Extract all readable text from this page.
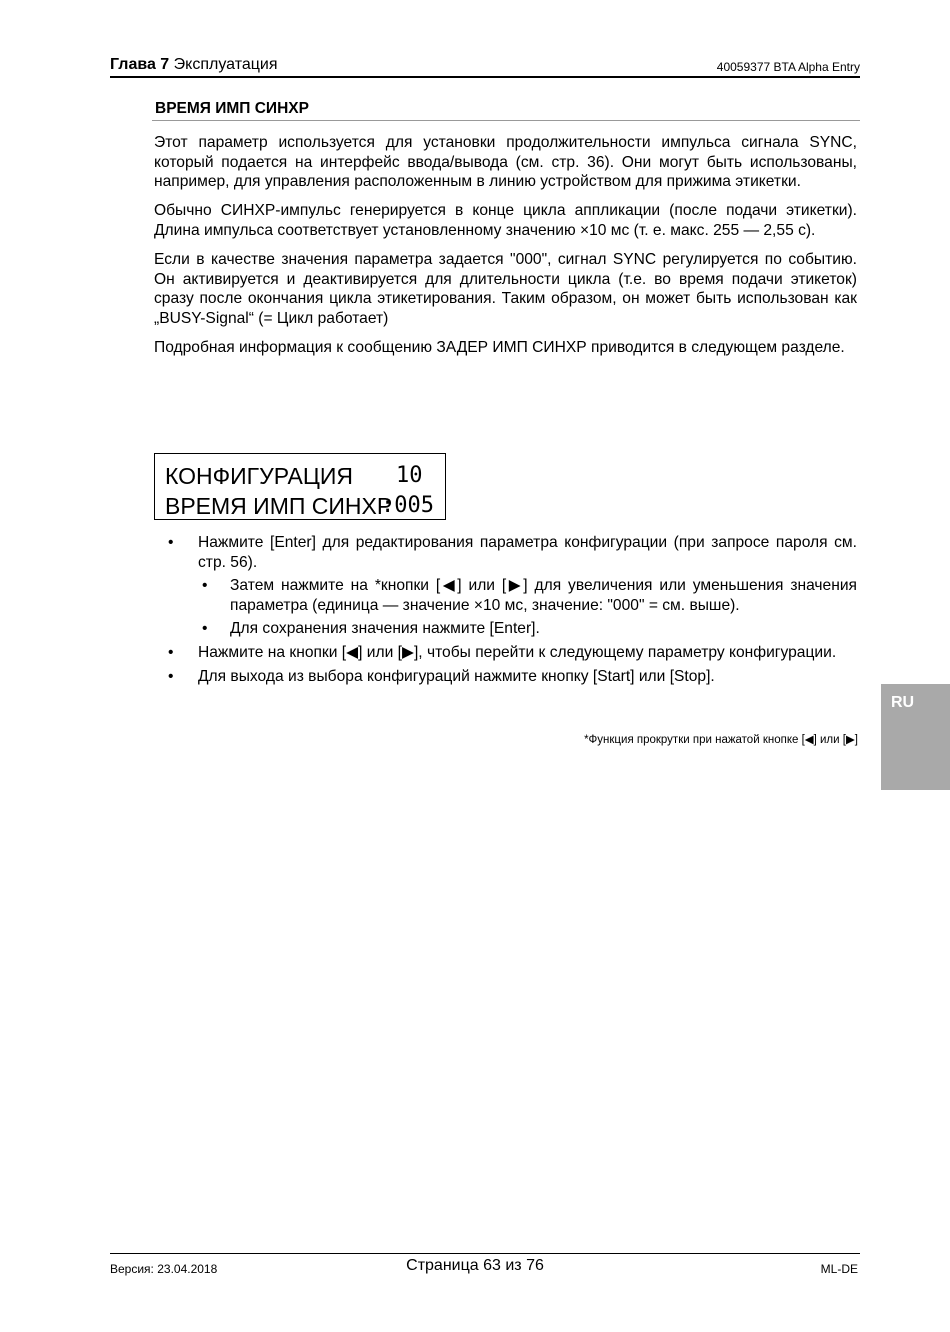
Глава 7 Эксплуатация	40059377 BTA Alpha Entry
ВРЕМЯ ИМП СИНХР

Этот параметр используется для установки продолжительности импульса сигнала SYNC, который подается на интерфейс ввода/вывода (см. стр. 36). Они могут быть использованы, например, для управления расположенным в линию устройством для прижима этикетки.

Обычно СИНХР-импульс генерируется в конце цикла аппликации (после подачи этикетки). Длина импульса соответствует установленному значению ×10 мс (т. е. макс. 255 — 2,55 с).

Если в качестве значения параметра задается "000", сигнал SYNC регулируется по событию. Он активируется и деактивируется для длительности цикла (т.е. во время подачи этикеток) сразу после окончания цикла этикетирования. Таким образом, он может быть использован как „BUSY-Signal“ (= Цикл работает)

Подробная информация к сообщению ЗАДЕР ИМП СИНХР приводится в следующем разделе.

КОНФИГУРАЦИЯ 10
ВРЕМЯ ИМП СИНХР
:005
• Нажмите [Enter] для редактирования параметра конфигурации (при запросе пароля см. стр. 56).
• Затем нажмите на *кнопки [◀] или [▶] для увеличения или уменьшения значения параметра (единица — значение ×10 мс, значение: "000" = см. выше).
• Для сохранения значения нажмите [Enter].
• Нажмите на кнопки [◀] или [▶], чтобы перейти к следующему параметру конфигурации.
• Для выхода из выбора конфигураций нажмите кнопку [Start] или [Stop].
*Функция прокрутки при нажатой кнопке [◀] или [▶]
RU
Версия: 23.04.2018	Страница 63 из 76	ML-DE
